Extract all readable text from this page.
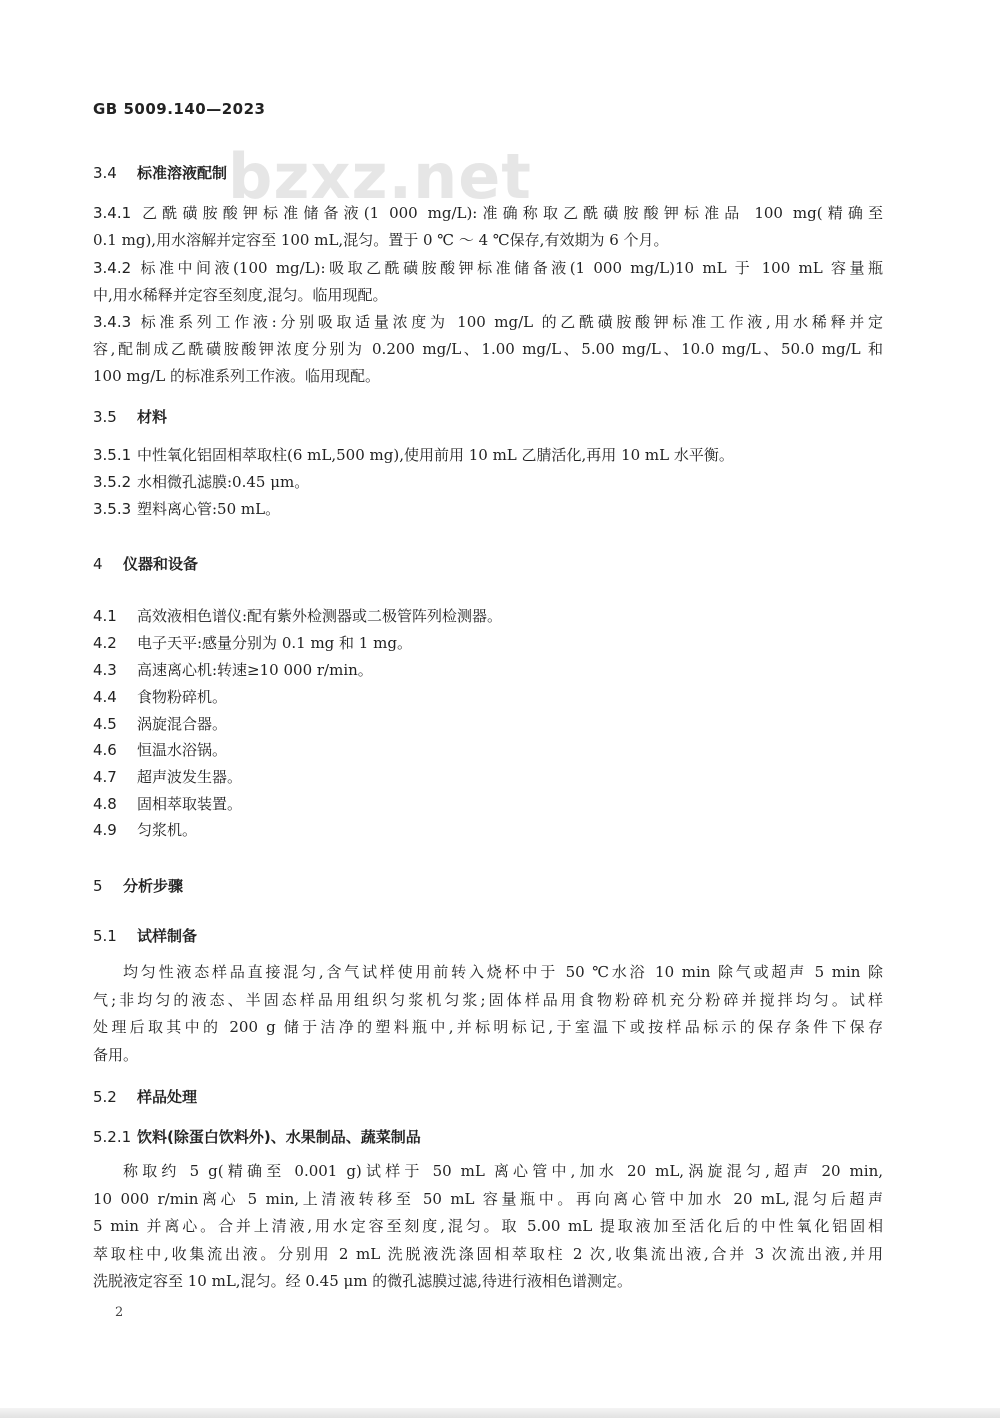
GB 5009.140—2023
bzxz.net
3.4 标准溶液配制
3.4.1 乙酰磺胺酸钾标准储备液(1 000 mg/L):准确称取乙酰磺胺酸钾标准品 100 mg(精确至
0.1 mg),用水溶解并定容至 100 mL,混匀。置于 0 ℃ ～ 4 ℃保存,有效期为 6 个月。
3.4.2 标准中间液(100 mg/L):吸取乙酰磺胺酸钾标准储备液(1 000 mg/L)10 mL 于 100 mL 容量瓶
中,用水稀释并定容至刻度,混匀。临用现配。
3.4.3 标准系列工作液:分别吸取适量浓度为 100 mg/L 的乙酰磺胺酸钾标准工作液,用水稀释并定
容,配制成乙酰磺胺酸钾浓度分别为 0.200 mg/L、1.00 mg/L、5.00 mg/L、10.0 mg/L、50.0 mg/L 和
100 mg/L 的标准系列工作液。临用现配。
3.5 材料
3.5.1 中性氧化铝固相萃取柱(6 mL,500 mg),使用前用 10 mL 乙腈活化,再用 10 mL 水平衡。
3.5.2 水相微孔滤膜:0.45 μm。
3.5.3 塑料离心管:50 mL。
4 仪器和设备
4.1 高效液相色谱仪:配有紫外检测器或二极管阵列检测器。
4.2 电子天平:感量分别为 0.1 mg 和 1 mg。
4.3 高速离心机:转速≥10 000 r/min。
4.4 食物粉碎机。
4.5 涡旋混合器。
4.6 恒温水浴锅。
4.7 超声波发生器。
4.8 固相萃取装置。
4.9 匀浆机。
5 分析步骤
5.1 试样制备
均匀性液态样品直接混匀,含气试样使用前转入烧杯中于 50 ℃水浴 10 min 除气或超声 5 min 除
气;非均匀的液态、半固态样品用组织匀浆机匀浆;固体样品用食物粉碎机充分粉碎并搅拌均匀。试样
处理后取其中的 200 g 储于洁净的塑料瓶中,并标明标记,于室温下或按样品标示的保存条件下保存
备用。
5.2 样品处理
5.2.1 饮料(除蛋白饮料外)、水果制品、蔬菜制品
称取约 5 g(精确至 0.001 g)试样于 50 mL 离心管中,加水 20 mL,涡旋混匀,超声 20 min,
10 000 r/min离心 5 min,上清液转移至 50 mL 容量瓶中。再向离心管中加水 20 mL,混匀后超声
5 min 并离心。合并上清液,用水定容至刻度,混匀。取 5.00 mL 提取液加至活化后的中性氧化铝固相
萃取柱中,收集流出液。分别用 2 mL 洗脱液洗涤固相萃取柱 2 次,收集流出液,合并 3 次流出液,并用
洗脱液定容至 10 mL,混匀。经 0.45 μm 的微孔滤膜过滤,待进行液相色谱测定。
2
